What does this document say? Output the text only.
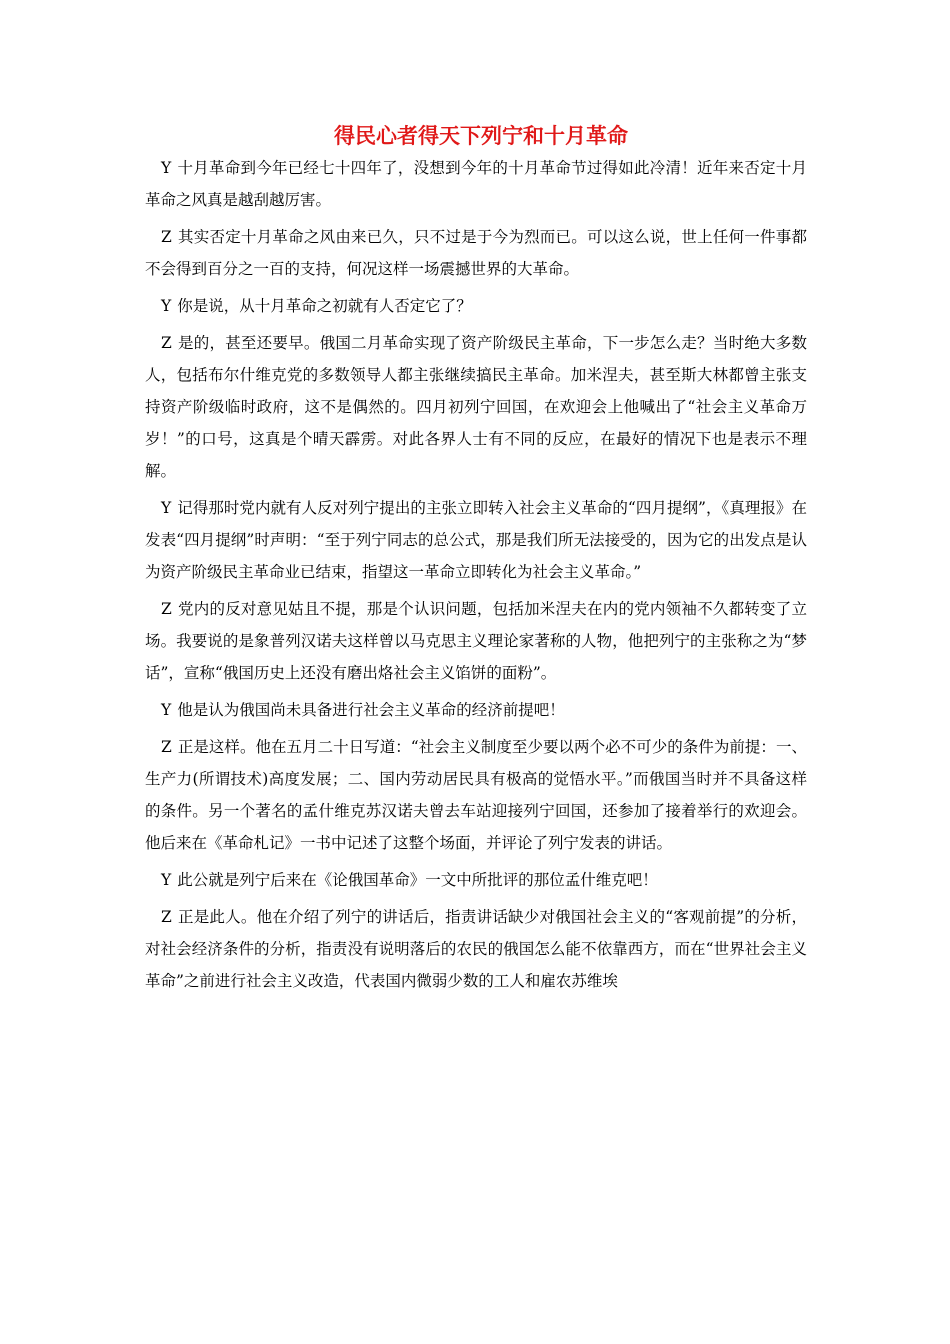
得民心者得天下列宁和十月革命

Y 十月革命到今年已经七十四年了，没想到今年的十月革命节过得如此冷清！近年来否定十月革命之风真是越刮越厉害。

Z 其实否定十月革命之风由来已久，只不过是于今为烈而已。可以这么说，世上任何一件事都不会得到百分之一百的支持，何况这样一场震撼世界的大革命。

Y 你是说，从十月革命之初就有人否定它了？

Z 是的，甚至还要早。俄国二月革命实现了资产阶级民主革命，下一步怎么走？当时绝大多数人，包括布尔什维克党的多数领导人都主张继续搞民主革命。加米涅夫，甚至斯大林都曾主张支持资产阶级临时政府，这不是偶然的。四月初列宁回国，在欢迎会上他喊出了“社会主义革命万岁！”的口号，这真是个晴天霹雳。对此各界人士有不同的反应，在最好的情况下也是表示不理解。

Y 记得那时党内就有人反对列宁提出的主张立即转入社会主义革命的“四月提纲”，《真理报》在发表“四月提纲”时声明：“至于列宁同志的总公式，那是我们所无法接受的，因为它的出发点是认为资产阶级民主革命业已结束，指望这一革命立即转化为社会主义革命。”

Z 党内的反对意见姑且不提，那是个认识问题，包括加米涅夫在内的党内领袖不久都转变了立场。我要说的是象普列汉诺夫这样曾以马克思主义理论家著称的人物，他把列宁的主张称之为“梦话”，宣称“俄国历史上还没有磨出烙社会主义馅饼的面粉”。

Y 他是认为俄国尚未具备进行社会主义革命的经济前提吧！

Z 正是这样。他在五月二十日写道：“社会主义制度至少要以两个必不可少的条件为前提：一、生产力(所谓技术)高度发展；二、国内劳动居民具有极高的觉悟水平。”而俄国当时并不具备这样的条件。另一个著名的孟什维克苏汉诺夫曾去车站迎接列宁回国，还参加了接着举行的欢迎会。他后来在《革命札记》一书中记述了这整个场面，并评论了列宁发表的讲话。

Y 此公就是列宁后来在《论俄国革命》一文中所批评的那位孟什维克吧！

Z 正是此人。他在介绍了列宁的讲话后，指责讲话缺少对俄国社会主义的“客观前提”的分析，对社会经济条件的分析，指责没有说明落后的农民的俄国怎么能不依靠西方，而在“世界社会主义革命”之前进行社会主义改造，代表国内微弱少数的工人和雇农苏维埃
